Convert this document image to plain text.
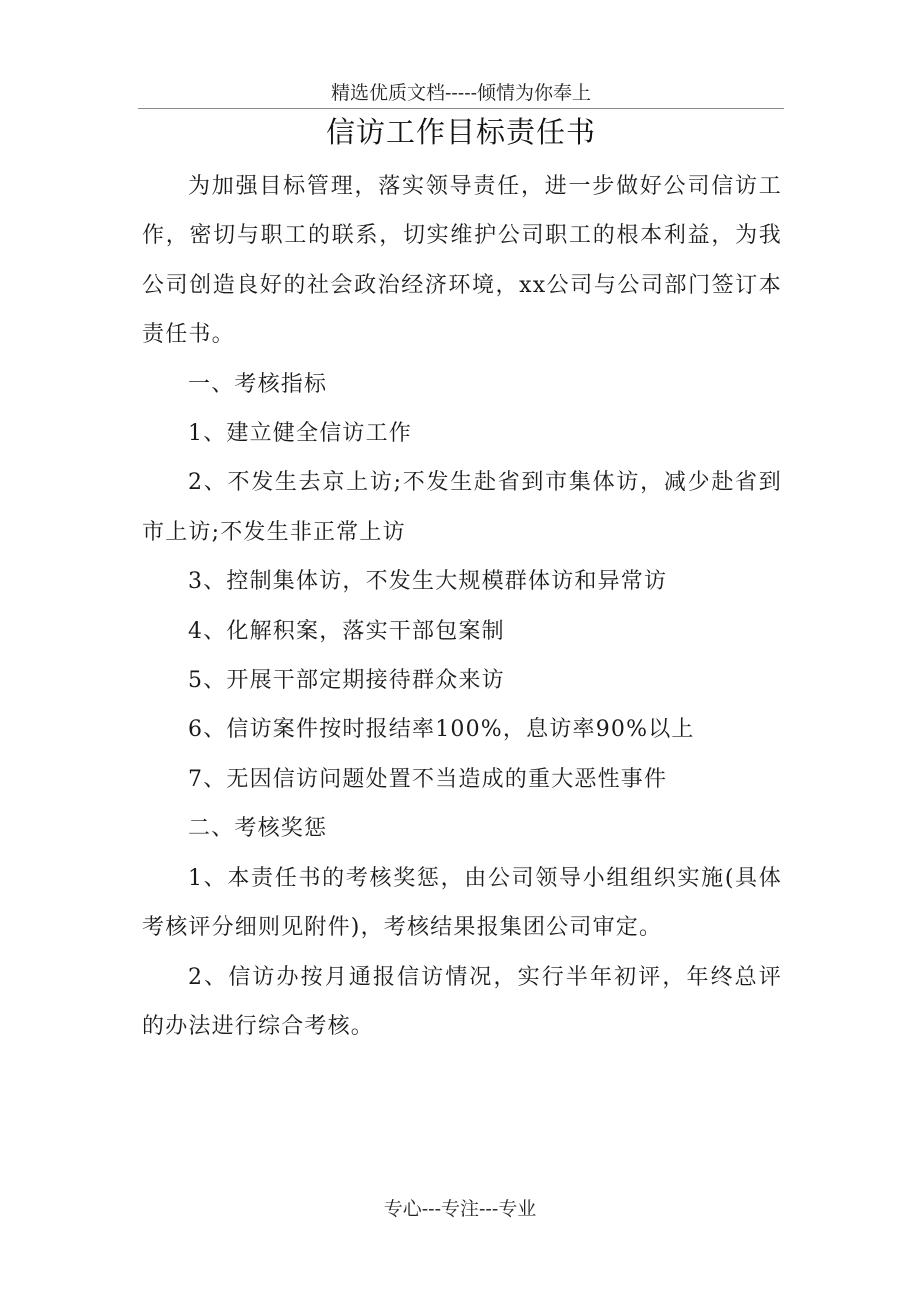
精选优质文档-----倾情为你奉上
信访工作目标责任书

为加强目标管理，落实领导责任，进一步做好公司信访工作，密切与职工的联系，切实维护公司职工的根本利益，为我公司创造良好的社会政治经济环境，xx公司与公司部门签订本责任书。

一、考核指标

1、建立健全信访工作

2、不发生去京上访;不发生赴省到市集体访，减少赴省到市上访;不发生非正常上访

3、控制集体访，不发生大规模群体访和异常访

4、化解积案，落实干部包案制

5、开展干部定期接待群众来访

6、信访案件按时报结率100%，息访率90%以上

7、无因信访问题处置不当造成的重大恶性事件

二、考核奖惩

1、本责任书的考核奖惩，由公司领导小组组织实施(具体考核评分细则见附件)，考核结果报集团公司审定。

2、信访办按月通报信访情况，实行半年初评，年终总评的办法进行综合考核。

专心---专注---专业
